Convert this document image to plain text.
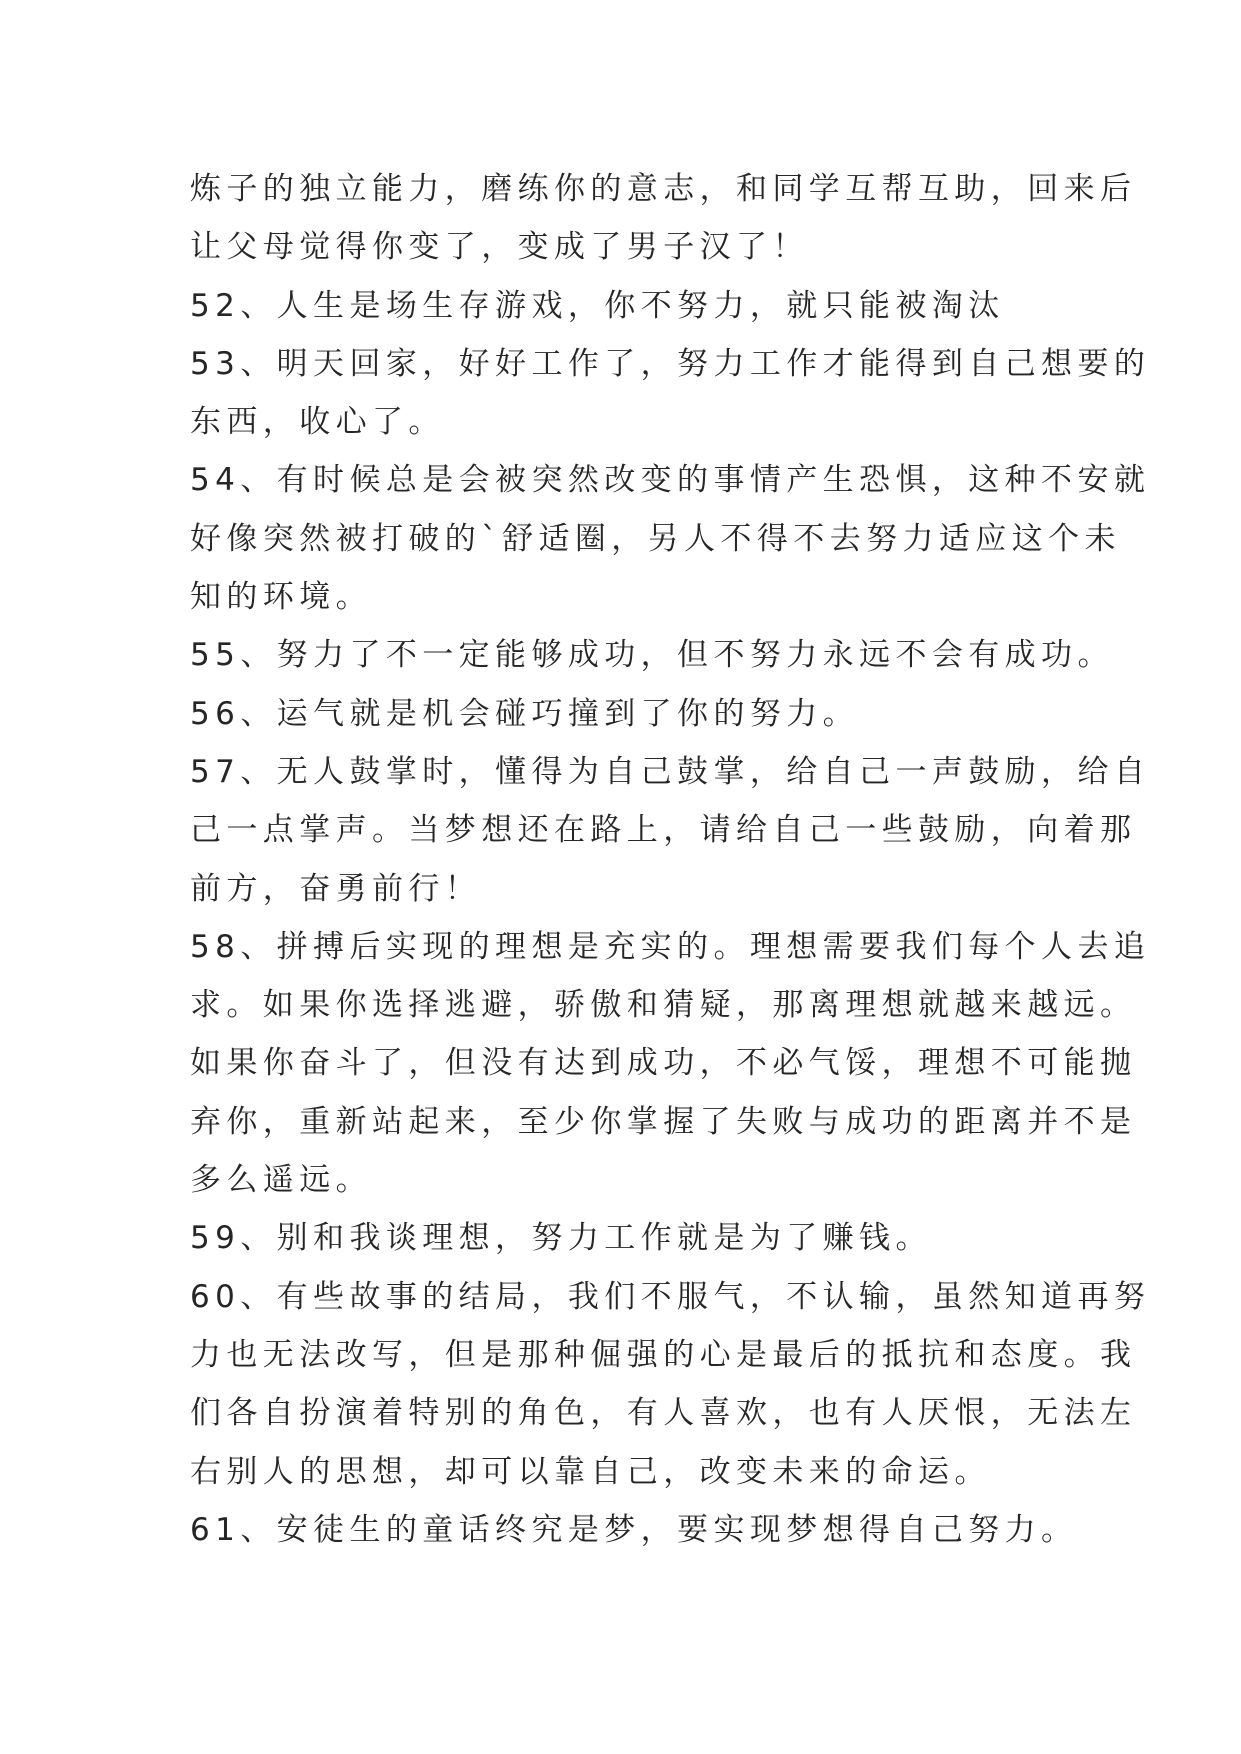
炼子的独立能力，磨练你的意志，和同学互帮互助，回来后
让父母觉得你变了，变成了男子汉了！
52、人生是场生存游戏，你不努力，就只能被淘汰
53、明天回家，好好工作了，努力工作才能得到自己想要的
东西，收心了。
54、有时候总是会被突然改变的事情产生恐惧，这种不安就
好像突然被打破的`舒适圈，另人不得不去努力适应这个未
知的环境。
55、努力了不一定能够成功，但不努力永远不会有成功。
56、运气就是机会碰巧撞到了你的努力。
57、无人鼓掌时，懂得为自己鼓掌，给自己一声鼓励，给自
己一点掌声。当梦想还在路上，请给自己一些鼓励，向着那
前方，奋勇前行！
58、拼搏后实现的理想是充实的。理想需要我们每个人去追
求。如果你选择逃避，骄傲和猜疑，那离理想就越来越远。
如果你奋斗了，但没有达到成功，不必气馁，理想不可能抛
弃你，重新站起来，至少你掌握了失败与成功的距离并不是
多么遥远。
59、别和我谈理想，努力工作就是为了赚钱。
60、有些故事的结局，我们不服气，不认输，虽然知道再努
力也无法改写，但是那种倔强的心是最后的抵抗和态度。我
们各自扮演着特别的角色，有人喜欢，也有人厌恨，无法左
右别人的思想，却可以靠自己，改变未来的命运。
61、安徒生的童话终究是梦，要实现梦想得自己努力。
